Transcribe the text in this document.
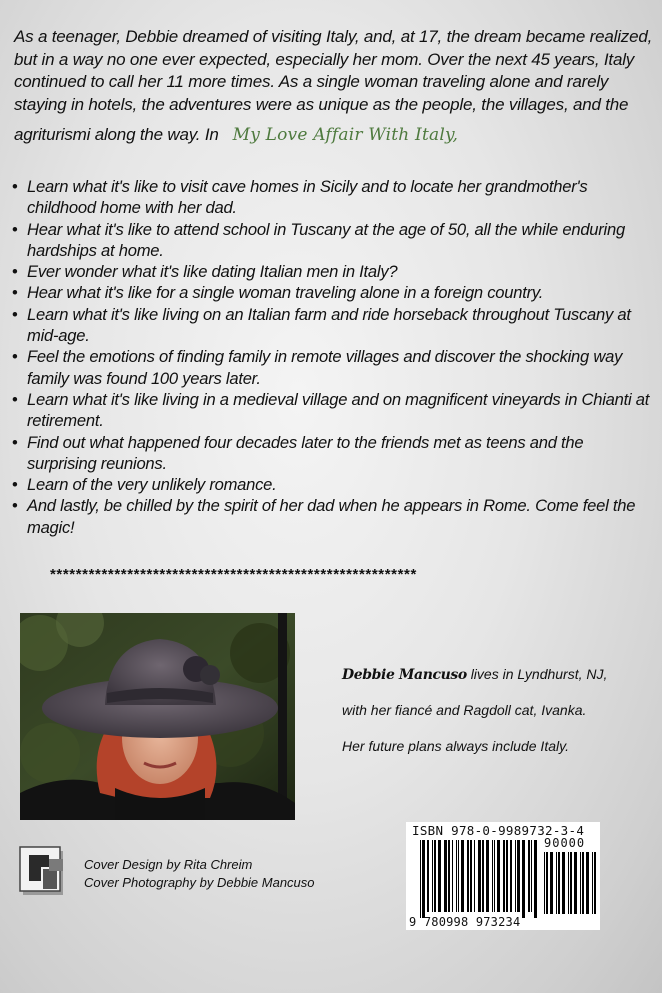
As a teenager, Debbie dreamed of visiting Italy, and, at 17, the dream became realized,
but in a way no one ever expected, especially her mom. Over the next 45 years, Italy
continued to call her 11 more times. As a single woman traveling alone and rarely
staying in hotels, the adventures were as unique as the people, the villages, and the
agriturismi along the way. In My Love Affair With Italy,
• Learn what it's like to visit cave homes in Sicily and to locate her grandmother's childhood home with her dad.
• Hear what it's like to attend school in Tuscany at the age of 50, all the while enduring hardships at home.
• Ever wonder what it's like dating Italian men in Italy?
• Hear what it's like for a single woman traveling alone in a foreign country.
• Learn what it's like living on an Italian farm and ride horseback throughout Tuscany at mid-age.
• Feel the emotions of finding family in remote villages and discover the shocking way family was found 100 years later.
• Learn what it's like living in a medieval village and on magnificent vineyards in Chianti at retirement.
• Find out what happened four decades later to the friends met as teens and the surprising reunions.
• Learn of the very unlikely romance.
• And lastly, be chilled by the spirit of her dad when he appears in Rome. Come feel the magic!
*********************************************************
Debbie Mancuso lives in Lyndhurst, NJ,
with her fiancé and Ragdoll cat, Ivanka.
Her future plans always include Italy.
Cover Design by Rita Chreim
Cover Photography by Debbie Mancuso
ISBN 978-0-9989732-3-4
90000
9 780998 973234
